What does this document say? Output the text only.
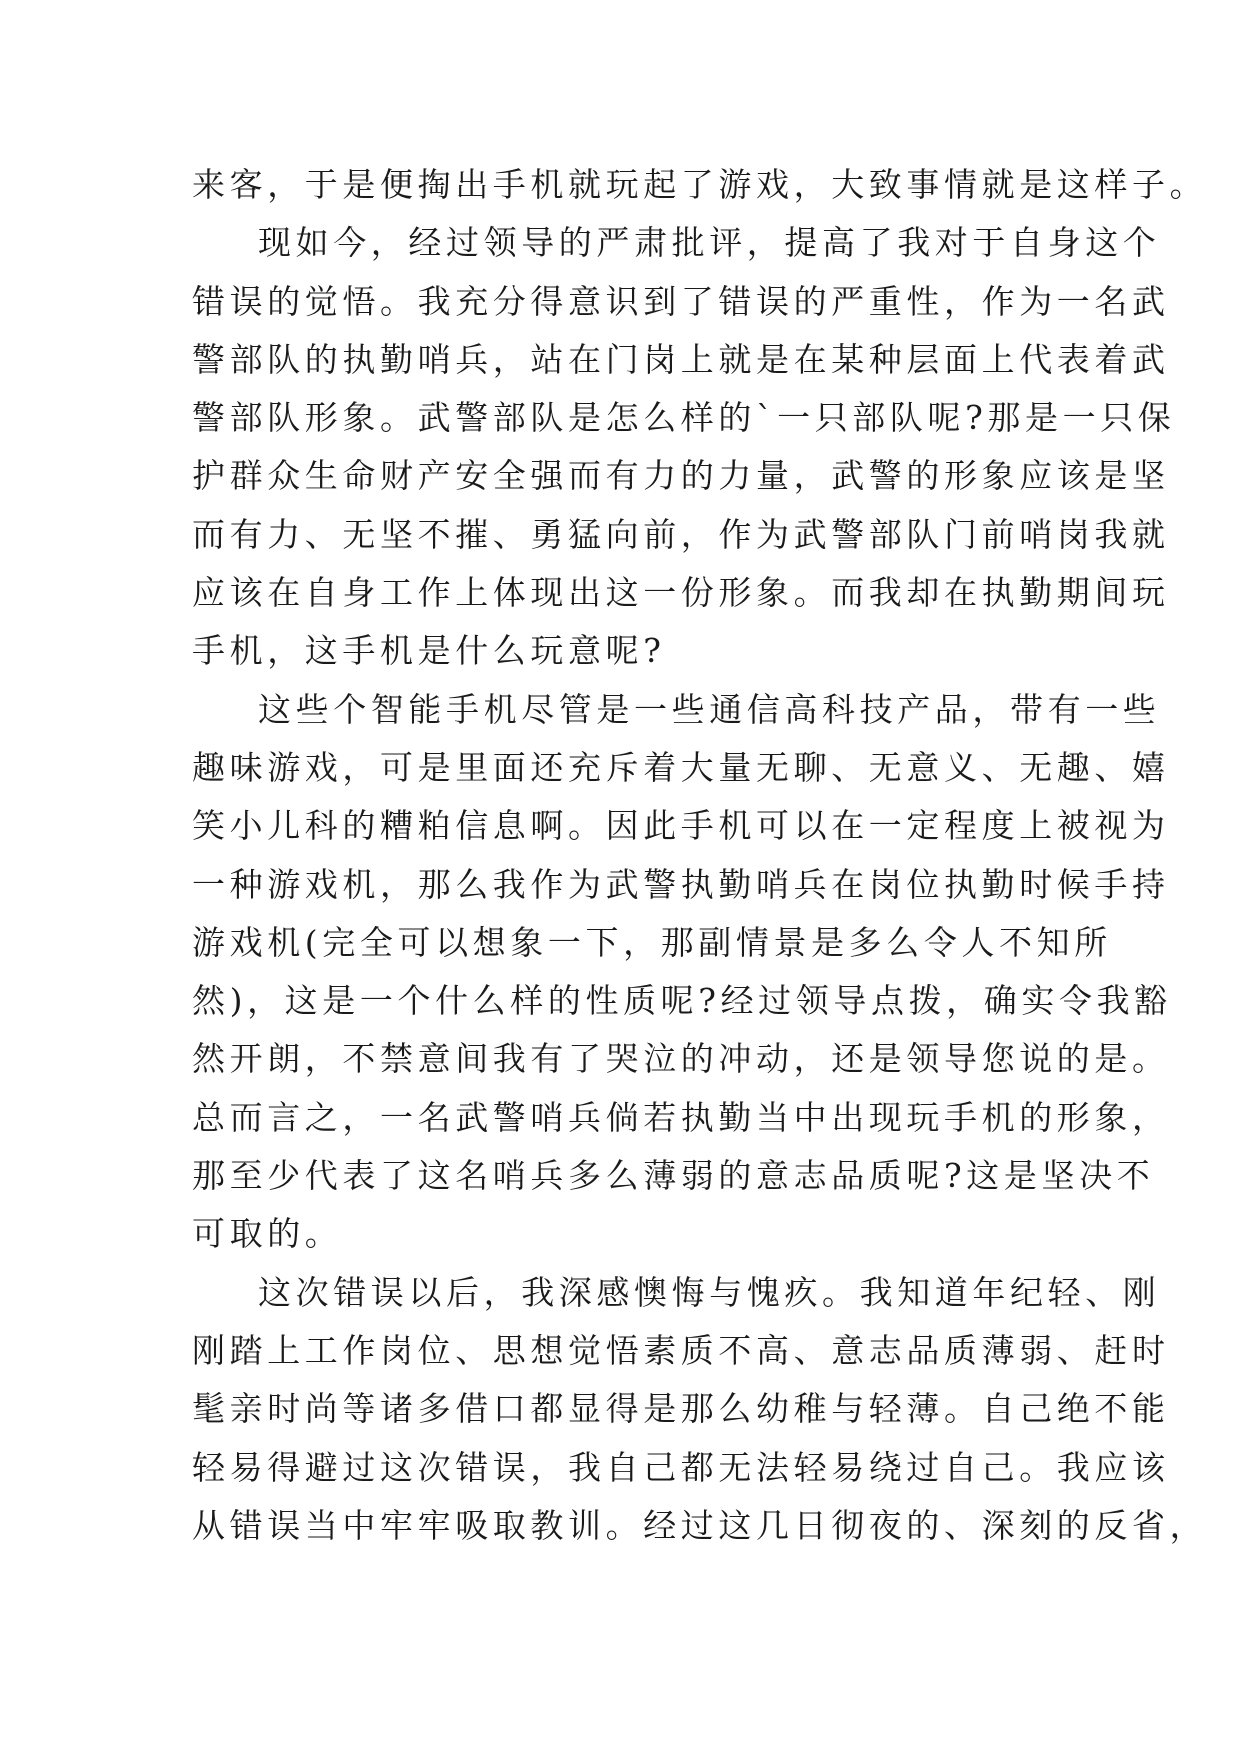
来客，于是便掏出手机就玩起了游戏，大致事情就是这样子。
现如今，经过领导的严肃批评，提高了我对于自身这个
错误的觉悟。我充分得意识到了错误的严重性，作为一名武
警部队的执勤哨兵，站在门岗上就是在某种层面上代表着武
警部队形象。武警部队是怎么样的`一只部队呢?那是一只保
护群众生命财产安全强而有力的力量，武警的形象应该是坚
而有力、无坚不摧、勇猛向前，作为武警部队门前哨岗我就
应该在自身工作上体现出这一份形象。而我却在执勤期间玩
手机，这手机是什么玩意呢?
这些个智能手机尽管是一些通信高科技产品，带有一些
趣味游戏，可是里面还充斥着大量无聊、无意义、无趣、嬉
笑小儿科的糟粕信息啊。因此手机可以在一定程度上被视为
一种游戏机，那么我作为武警执勤哨兵在岗位执勤时候手持
游戏机(完全可以想象一下，那副情景是多么令人不知所
然)，这是一个什么样的性质呢?经过领导点拨，确实令我豁
然开朗，不禁意间我有了哭泣的冲动，还是领导您说的是。
总而言之，一名武警哨兵倘若执勤当中出现玩手机的形象，
那至少代表了这名哨兵多么薄弱的意志品质呢?这是坚决不
可取的。
这次错误以后，我深感懊悔与愧疚。我知道年纪轻、刚
刚踏上工作岗位、思想觉悟素质不高、意志品质薄弱、赶时
髦亲时尚等诸多借口都显得是那么幼稚与轻薄。自己绝不能
轻易得避过这次错误，我自己都无法轻易绕过自己。我应该
从错误当中牢牢吸取教训。经过这几日彻夜的、深刻的反省，
